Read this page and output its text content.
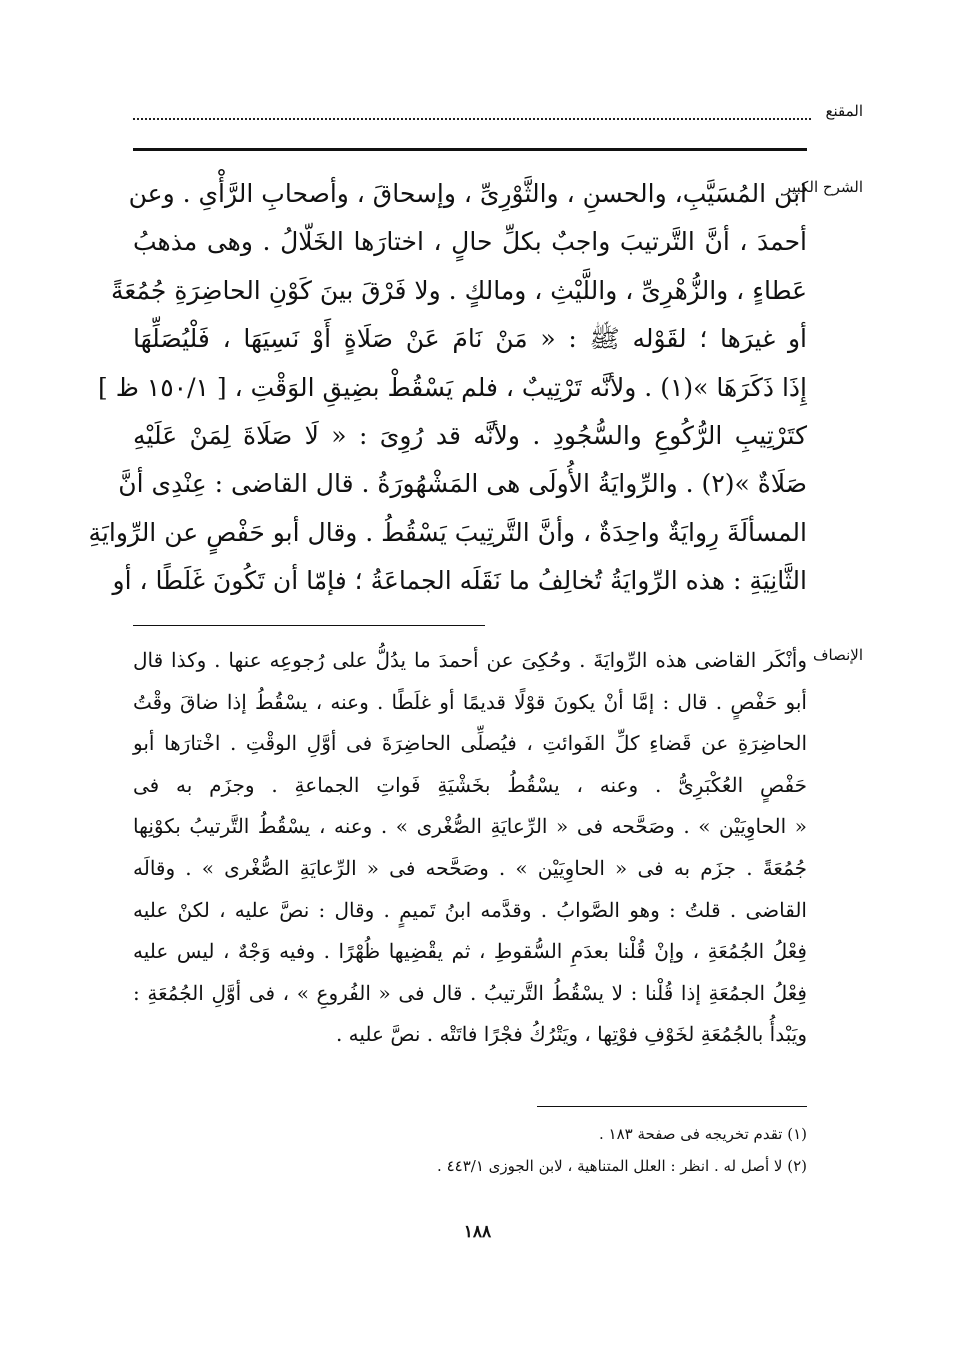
المقنع
الشرح الكبير
ابن المُسَيَّبِ، والحسنِ ، والثَّوْرِىِّ ، وإسحاقَ ، وأصحابِ الرَّأْىِ . وعن
أحمدَ ، أنَّ التَّرتيبَ واجبٌ بكلِّ حالٍ ، اختارَها الخَلّالُ . وهى مذهبُ
عَطاءٍ ، والزُّهْرِىِّ ، واللَّيْثِ ، ومالكٍ . ولا فَرْقَ بينَ كَوْنِ الحاضِرَةِ جُمُعَةً
أو غيرَها ؛ لقَوْله ﷺ : « مَنْ نَامَ عَنْ صَلَاةٍ أَوْ نَسِيَهَا ، فَلْيُصَلِّهَا
إِذَا ذَكَرَهَا »(١) . ولأنَّه تَرْتِيبٌ ، فلم يَسْقُطْ بضِيقِ الوَقْتِ ، [ ١٥٠/١ ظ ]
كتَرْتِيبِ الرُّكُوعِ والسُّجُودِ . ولأنَّه قد رُوِىَ : « لَا صَلَاةَ لِمَنْ عَلَيْهِ
صَلَاةٌ »(٢) . والرِّوايَةُ الأُولَى هى المَشْهُورَةُ . قال القاضى : عِنْدِى أنَّ
المسألَةَ رِوايَةٌ واحِدَةٌ ، وأنَّ التَّرتِيبَ يَسْقُطُ . وقال أبو حَفْصٍ عن الرِّوايَةِ
الثَّانِيَةِ : هذه الرِّوايَةُ تُخالِفُ ما نَقَلَه الجماعَةُ ؛ فإمّا أن تَكُونَ غَلَطًا ، أو
الإنصاف
وأنْكَر القاضى هذه الرِّوايَةَ . وحُكِىَ عن أحمدَ ما يدُلُّ على رُجوعِه عنها . وكذا قال
أبو حَفْصٍ . قال : إمَّا أنْ يكونَ قوْلًا قديمًا أو غلَطًا . وعنه ، يسْقُطُ إذا ضاقَ وقْتُ
الحاضِرَةِ عن قَضاءِ كلِّ الفَوائتِ ، فيُصلِّى الحاضِرَةَ فى أوَّلِ الوقْتِ . اخْتارَها أبو
حَفْصٍ العُكْبَرِىُّ . وعنه ، يسْقُطُ بخَشْيَةِ فَواتِ الجماعةِ . وجزَم به فى
« الحاوِيَيْن » . وصَحَّحه فى « الرِّعايَةِ الصُّغْرى » . وعنه ، يسْقُطُ التَّرتيبُ بكوْنِها
جُمُعَةً . جزَم به فى « الحاوِيَيْن » . وصَحَّحه فى « الرِّعايَةِ الصُّغْرى » . وقالَه
القاضى . قلتُ : وهو الصَّوابُ . وقدَّمه ابنُ تَميمٍ . وقال : نصَّ عليه ، لكنْ عليه
فِعْلُ الجُمُعَةِ ، وإنْ قُلْنا بعدَمِ السُّقوطِ ، ثم يقْضِيها ظُهْرًا . وفيه وَجْهٌ ، ليس عليه
فِعْلُ الجمُعَةِ إذا قُلْنا : لا يسْقُطُ التَّرتيبُ . قال فى « الفُروعِ » ، فى أوَّلِ الجُمُعَةِ :
ويَبْدأُ بالجُمُعَةِ لخَوْفِ فوْتِها ، ويَتْرُكُ فجْرًا فاتَتْه . نصَّ عليه .
(١) تقدم تخريجه فى صفحة ١٨٣ .
(٢) لا أصل له . انظر : العلل المتناهية ، لابن الجوزى ٤٤٣/١ .
١٨٨
